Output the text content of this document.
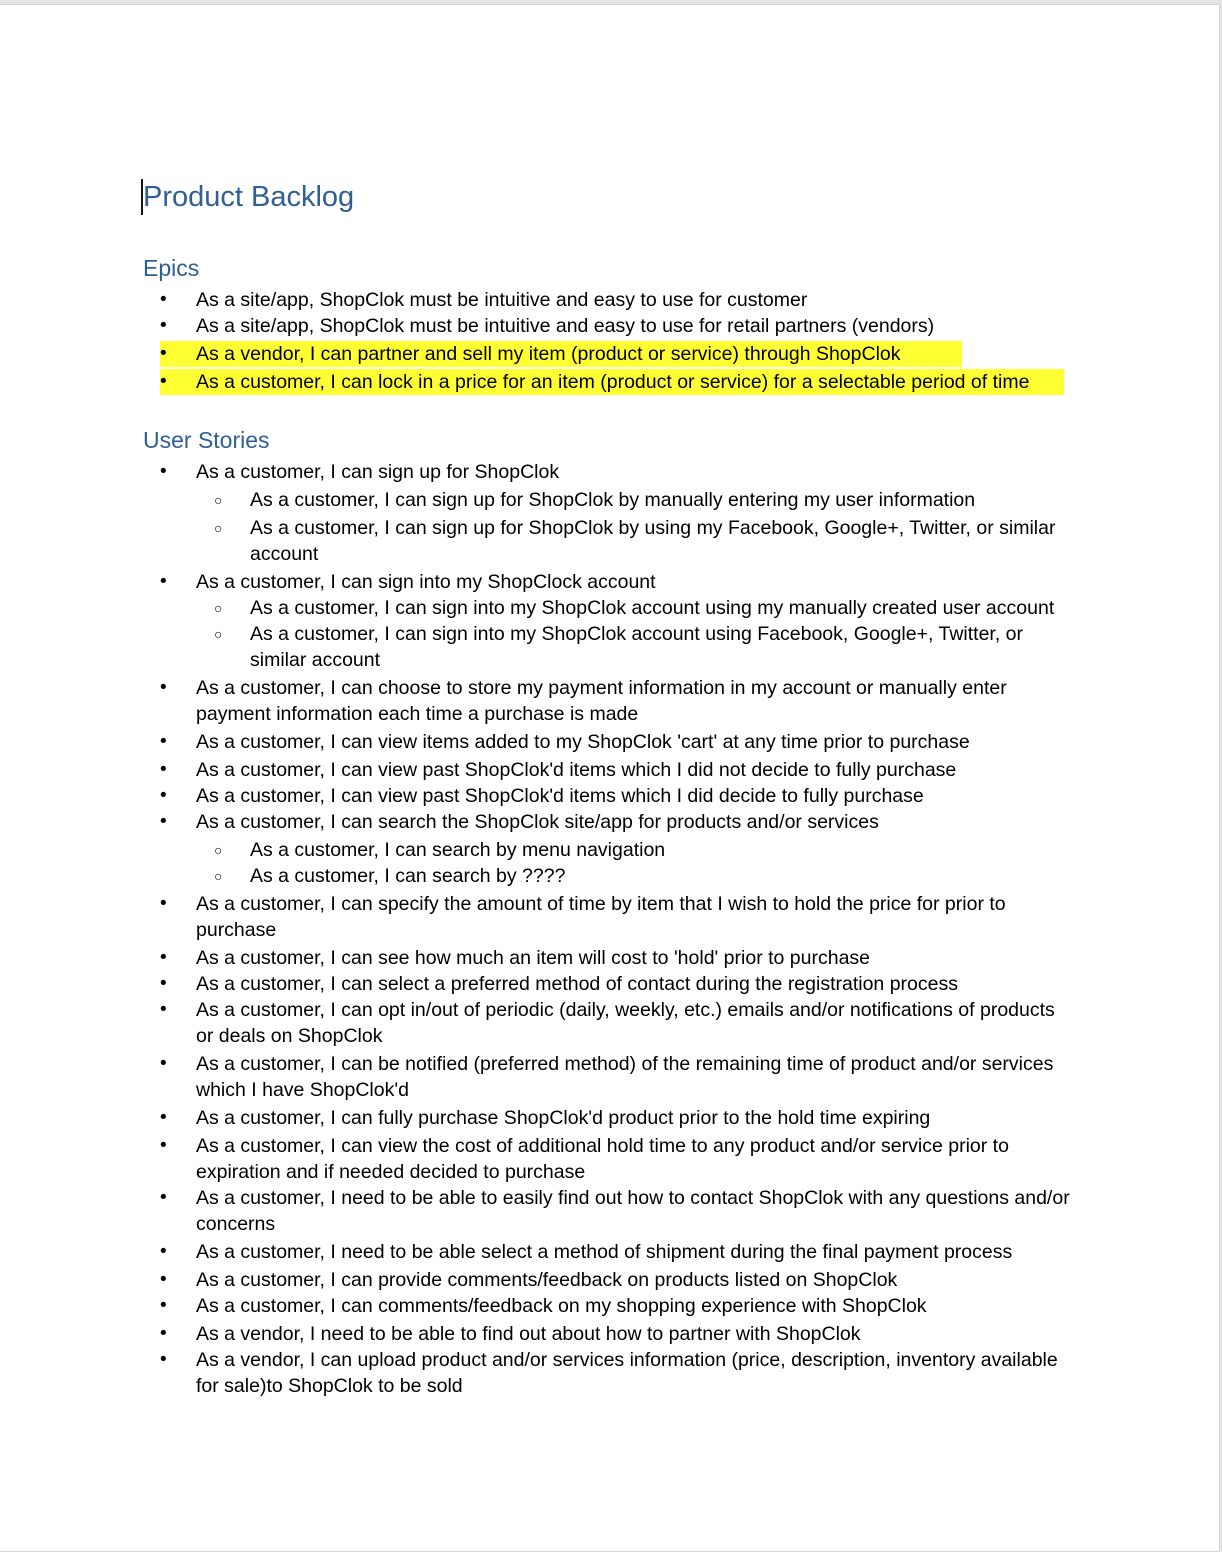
Product Backlog
Epics
• As a site/app, ShopClok must be intuitive and easy to use for customer
• As a site/app, ShopClok must be intuitive and easy to use for retail partners (vendors)
• As a vendor, I can partner and sell my item (product or service) through ShopClok
• As a customer, I can lock in a price for an item (product or service) for a selectable period of time
User Stories
• As a customer, I can sign up for ShopClok
○ As a customer, I can sign up for ShopClok by manually entering my user information
○ As a customer, I can sign up for ShopClok by using my Facebook, Google+, Twitter, or similar account
• As a customer, I can sign into my ShopClock account
○ As a customer, I can sign into my ShopClok account using my manually created user account
○ As a customer, I can sign into my ShopClok account using Facebook, Google+, Twitter, or similar account
• As a customer, I can choose to store my payment information in my account or manually enter payment information each time a purchase is made
• As a customer, I can view items added to my ShopClok 'cart' at any time prior to purchase
• As a customer, I can view past ShopClok'd items which I did not decide to fully purchase
• As a customer, I can view past ShopClok'd items which I did decide to fully purchase
• As a customer, I can search the ShopClok site/app for products and/or services
○ As a customer, I can search by menu navigation
○ As a customer, I can search by ????
• As a customer, I can specify the amount of time by item that I wish to hold the price for prior to purchase
• As a customer, I can see how much an item will cost to 'hold' prior to purchase
• As a customer, I can select a preferred method of contact during the registration process
• As a customer, I can opt in/out of periodic (daily, weekly, etc.) emails and/or notifications of products or deals on ShopClok
• As a customer, I can be notified (preferred method) of the remaining time of product and/or services which I have ShopClok'd
• As a customer, I can fully purchase ShopClok'd product prior to the hold time expiring
• As a customer, I can view the cost of additional hold time to any product and/or service prior to expiration and if needed decided to purchase
• As a customer, I need to be able to easily find out how to contact ShopClok with any questions and/or concerns
• As a customer, I need to be able select a method of shipment during the final payment process
• As a customer, I can provide comments/feedback on products listed on ShopClok
• As a customer, I can comments/feedback on my shopping experience with ShopClok
• As a vendor, I need to be able to find out about how to partner with ShopClok
• As a vendor, I can upload product and/or services information (price, description, inventory available for sale)to ShopClok to be sold
